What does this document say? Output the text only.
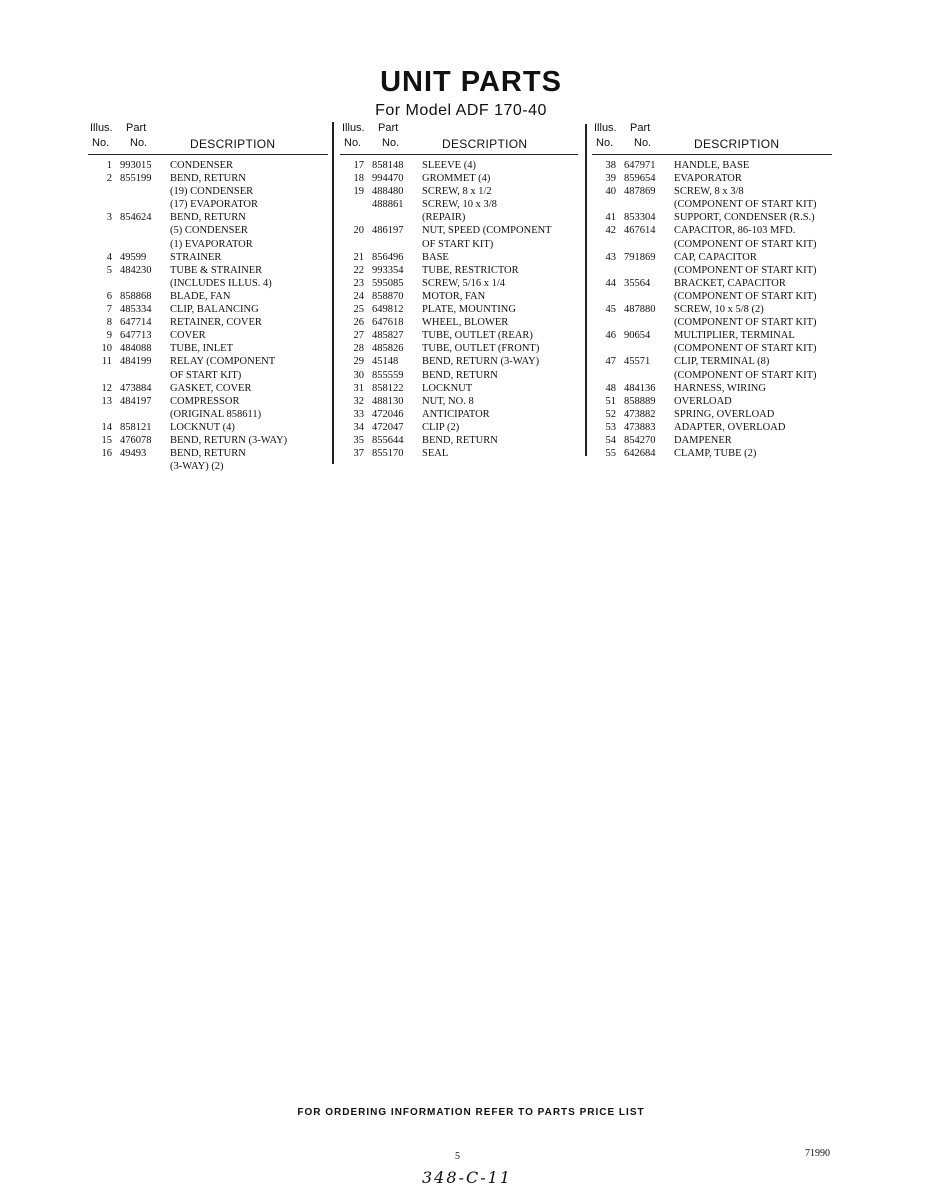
UNIT PARTS
For Model ADF 170-40
Illus. Part
No. No.	DESCRIPTION
1 993015	CONDENSER
2 855199	BEND, RETURN
(19) CONDENSER
(17) EVAPORATOR
3 854624	BEND, RETURN
(5) CONDENSER
(1) EVAPORATOR
4 49599	STRAINER
5 484230	TUBE & STRAINER
(INCLUDES ILLUS. 4)
6 858868	BLADE, FAN
7 485334	CLIP, BALANCING
8 647714	RETAINER, COVER
9 647713	COVER
10 484088	TUBE, INLET
11 484199	RELAY (COMPONENT
OF START KIT)
12 473884	GASKET, COVER
13 484197	COMPRESSOR
(ORIGINAL 858611)
14 858121	LOCKNUT (4)
15 476078	BEND, RETURN (3-WAY)
16 49493	BEND, RETURN
(3-WAY) (2)
Illus. Part
No. No.	DESCRIPTION
17 858148	SLEEVE (4)
18 994470	GROMMET (4)
19 488480	SCREW, 8 x 1/2
488861	SCREW, 10 x 3/8
(REPAIR)
20 486197	NUT, SPEED (COMPONENT
OF START KIT)
21 856496	BASE
22 993354	TUBE, RESTRICTOR
23 595085	SCREW, 5/16 x 1/4
24 858870	MOTOR, FAN
25 649812	PLATE, MOUNTING
26 647618	WHEEL, BLOWER
27 485827	TUBE, OUTLET (REAR)
28 485826	TUBE, OUTLET (FRONT)
29 45148	BEND, RETURN (3-WAY)
30 855559	BEND, RETURN
31 858122	LOCKNUT
32 488130	NUT, NO. 8
33 472046	ANTICIPATOR
34 472047	CLIP (2)
35 855644	BEND, RETURN
37 855170	SEAL
Illus. Part
No. No.	DESCRIPTION
38 647971	HANDLE, BASE
39 859654	EVAPORATOR
40 487869	SCREW, 8 x 3/8
(COMPONENT OF START KIT)
41 853304	SUPPORT, CONDENSER (R.S.)
42 467614	CAPACITOR, 86-103 MFD.
(COMPONENT OF START KIT)
43 791869	CAP, CAPACITOR
(COMPONENT OF START KIT)
44 35564	BRACKET, CAPACITOR
(COMPONENT OF START KIT)
45 487880	SCREW, 10 x 5/8 (2)
(COMPONENT OF START KIT)
46 90654	MULTIPLIER, TERMINAL
(COMPONENT OF START KIT)
47 45571	CLIP, TERMINAL (8)
(COMPONENT OF START KIT)
48 484136	HARNESS, WIRING
51 858889	OVERLOAD
52 473882	SPRING, OVERLOAD
53 473883	ADAPTER, OVERLOAD
54 854270	DAMPENER
55 642684	CLAMP, TUBE (2)
FOR ORDERING INFORMATION REFER TO PARTS PRICE LIST
5	71990
348-C-11
